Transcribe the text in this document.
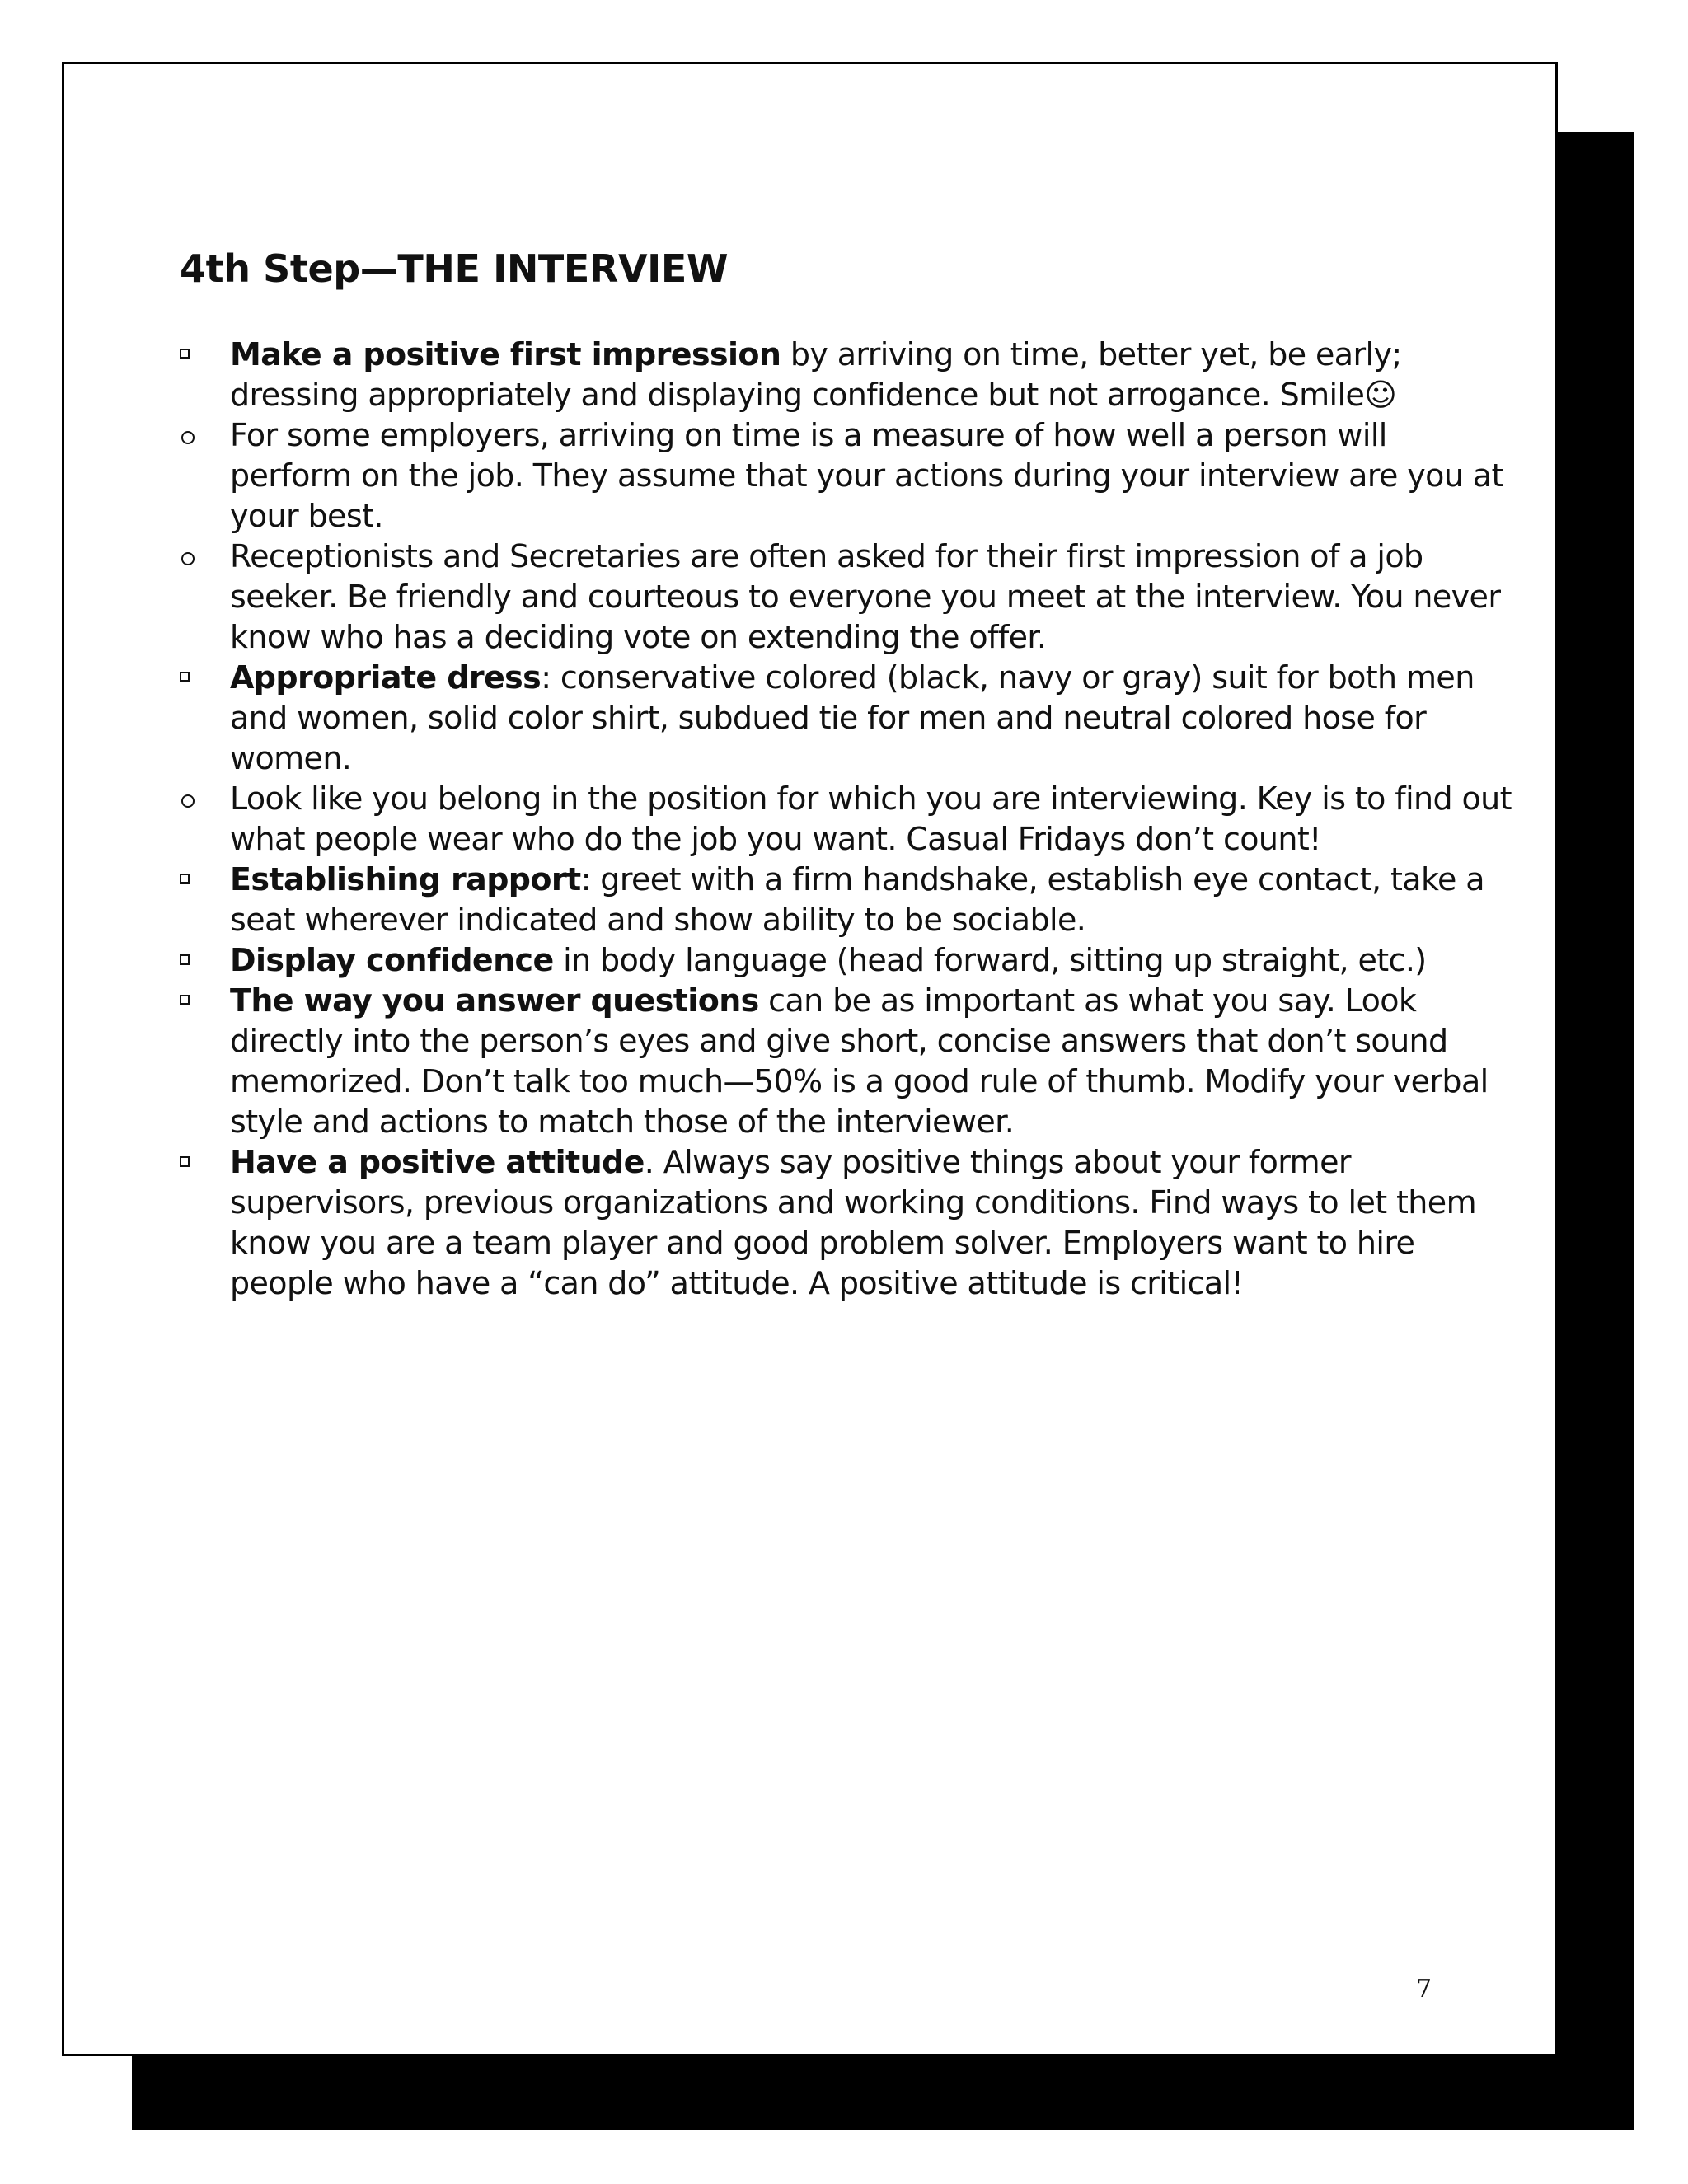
4th Step—THE INTERVIEW
Make a positive first impression by arriving on time, better yet, be early; dressing appropriately and displaying confidence but not arrogance. Smile☺
For some employers, arriving on time is a measure of how well a person will perform on the job. They assume that your actions during your interview are you at your best.
Receptionists and Secretaries are often asked for their first impression of a job seeker. Be friendly and courteous to everyone you meet at the interview. You never know who has a deciding vote on extending the offer.
Appropriate dress: conservative colored (black, navy or gray) suit for both men and women, solid color shirt, subdued tie for men and neutral colored hose for women.
Look like you belong in the position for which you are interviewing. Key is to find out what people wear who do the job you want. Casual Fridays don’t count!
Establishing rapport: greet with a firm handshake, establish eye contact, take a seat wherever indicated and show ability to be sociable.
Display confidence in body language (head forward, sitting up straight, etc.)
The way you answer questions can be as important as what you say. Look directly into the person’s eyes and give short, concise answers that don’t sound memorized. Don’t talk too much—50% is a good rule of thumb. Modify your verbal style and actions to match those of the interviewer.
Have a positive attitude. Always say positive things about your former supervisors, previous organizations and working conditions. Find ways to let them know you are a team player and good problem solver. Employers want to hire people who have a “can do” attitude. A positive attitude is critical!
7
